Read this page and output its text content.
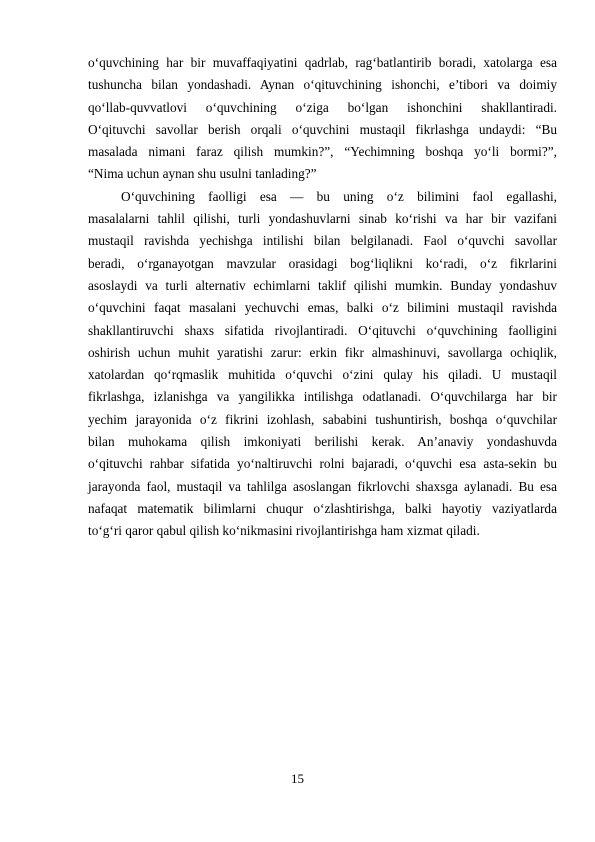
o‘quvchining har bir muvaffaqiyatini qadrlab, rag‘batlantirib boradi, xatolarga esa
tushuncha bilan yondashadi. Aynan o‘qituvchining ishonchi, e’tibori va doimiy
qo‘llab-quvvatlovi o‘quvchining o‘ziga bo‘lgan ishonchini shakllantiradi.
O‘qituvchi savollar berish orqali o‘quvchini mustaqil fikrlashga undaydi: “Bu
masalada nimani faraz qilish mumkin?”, “Yechimning boshqa yo‘li bormi?”,
“Nima uchun aynan shu usulni tanlading?”
O‘quvchining faolligi esa — bu uning o‘z bilimini faol egallashi,
masalalarni tahlil qilishi, turli yondashuvlarni sinab ko‘rishi va har bir vazifani
mustaqil ravishda yechishga intilishi bilan belgilanadi. Faol o‘quvchi savollar
beradi, o‘rganayotgan mavzular orasidagi bog‘liqlikni ko‘radi, o‘z fikrlarini
asoslaydi va turli alternativ echimlarni taklif qilishi mumkin. Bunday yondashuv
o‘quvchini faqat masalani yechuvchi emas, balki o‘z bilimini mustaqil ravishda
shakllantiruvchi shaxs sifatida rivojlantiradi. O‘qituvchi o‘quvchining faolligini
oshirish uchun muhit yaratishi zarur: erkin fikr almashinuvi, savollarga ochiqlik,
xatolardan qo‘rqmaslik muhitida o‘quvchi o‘zini qulay his qiladi. U mustaqil
fikrlashga, izlanishga va yangilikka intilishga odatlanadi. O‘quvchilarga har bir
yechim jarayonida o‘z fikrini izohlash, sababini tushuntirish, boshqa o‘quvchilar
bilan muhokama qilish imkoniyati berilishi kerak. An’anaviy yondashuvda
o‘qituvchi rahbar sifatida yo‘naltiruvchi rolni bajaradi, o‘quvchi esa asta-sekin bu
jarayonda faol, mustaqil va tahlilga asoslangan fikrlovchi shaxsga aylanadi. Bu esa
nafaqat matematik bilimlarni chuqur o‘zlashtirishga, balki hayotiy vaziyatlarda
to‘g‘ri qaror qabul qilish ko‘nikmasini rivojlantirishga ham xizmat qiladi.
15
